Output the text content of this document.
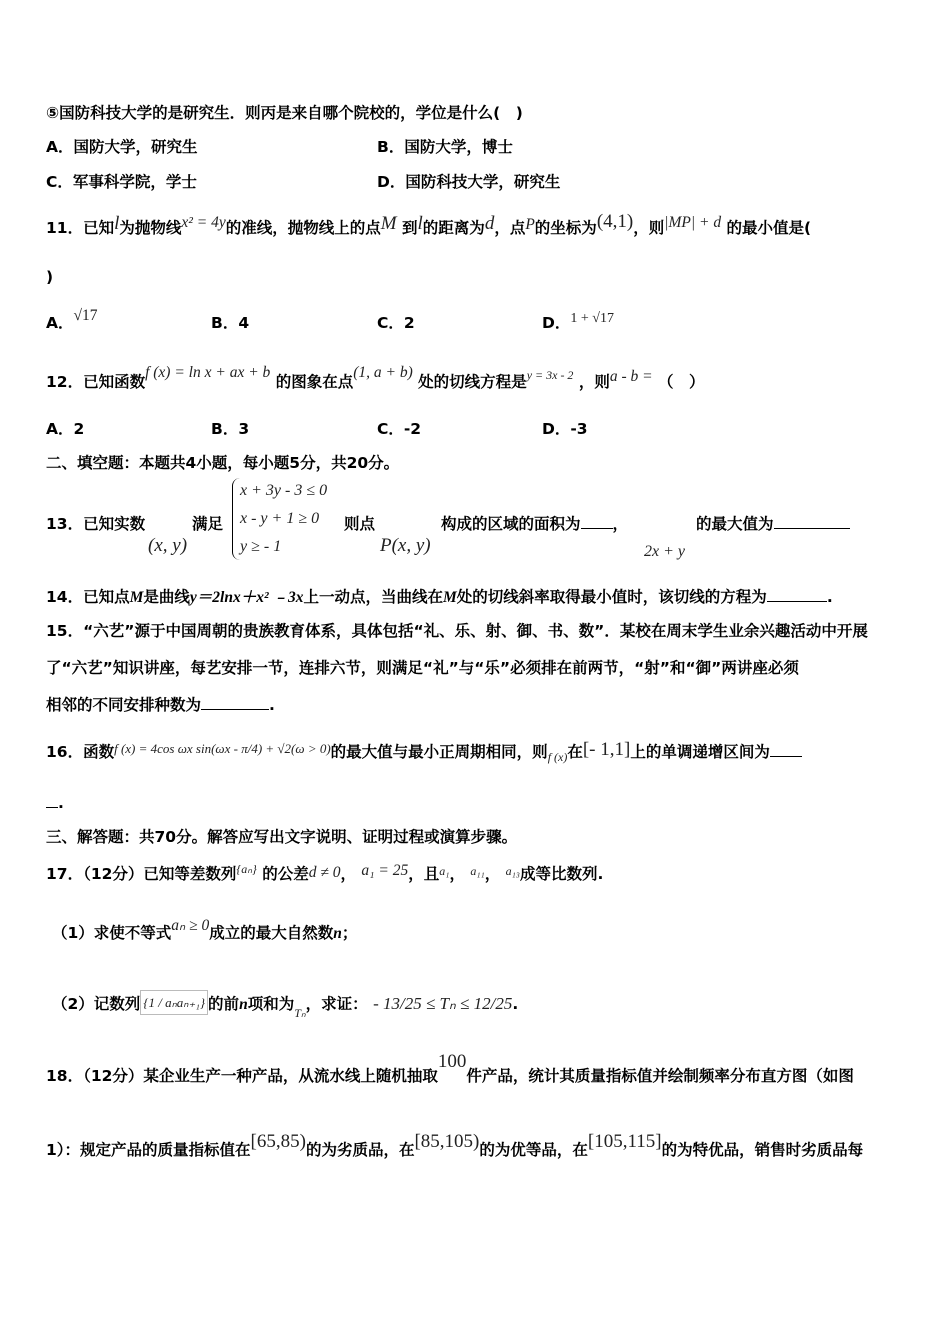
⑤国防科技大学的是研究生．则丙是来自哪个院校的，学位是什么(　)
A．国防大学，研究生	B．国防大学，博士
C．军事科学院，学士	D．国防科技大学，研究生
11．已知l为抛物线x² = 4y的准线，抛物线上的点M 到l的距离为d，点P的坐标为(4,1)，则|MP| + d 的最小值是(
)
A．√17	B．4	C．2	D．1 + √17
12．已知函数f (x) = ln x + ax + b 的图象在点(1, a + b) 处的切线方程是$^{y = 3x - 2}$ ，则a - b = （　）
A．2	B．3	C．-2	D．-3
二、填空题：本题共4小题，每小题5分，共20分。
13．已知实数
(x, y)
满足
x + 3y - 3 ≤ 0
x - y + 1 ≥ 0
y ≥ - 1
则点
P(x, y)
构成的区域的面积为 ，
2x + y
的最大值为
14．已知点M是曲线y＝2lnx＋x² ﹣3x上一动点，当曲线在M处的切线斜率取得最小值时，该切线的方程为	.
15．“六艺”源于中国周朝的贵族教育体系，具体包括“礼、乐、射、御、书、数”．某校在周末学生业余兴趣活动中开展
了“六艺”知识讲座，每艺安排一节，连排六节，则满足“礼”与“乐”必须排在前两节，“射”和“御”两讲座必须
相邻的不同安排种数为	.
16．函数$^{f (x) = 4cos \omega x sin(\omega x - \pi/4) + √2(\omega > 0)}$的最大值与最小正周期相同，则$_{f (x)}$在[- 1,1]上的单调递增区间为
.
三、解答题：共70分。解答应写出文字说明、证明过程或演算步骤。
17．（12分）已知等差数列$^{\{a_n\}}$ 的公差d ≠ 0， a₁ = 25，且$^{a_1}$， $^{a_{11}}$， $^{a_{13}}$成等比数列.
（1）求使不等式aₙ ≥ 0成立的最大自然数n；
（2）记数列 {1 / aₙaₙ₊₁} 的前n项和为$_{T_n}$，求证： - 13/25 ≤ Tₙ ≤ 12/25.
18．（12分）某企业生产一种产品，从流水线上随机抽取100件产品，统计其质量指标值并绘制频率分布直方图（如图
1）：规定产品的质量指标值在[65,85)的为劣质品，在[85,105)的为优等品，在[105,115]的为特优品，销售时劣质品每
